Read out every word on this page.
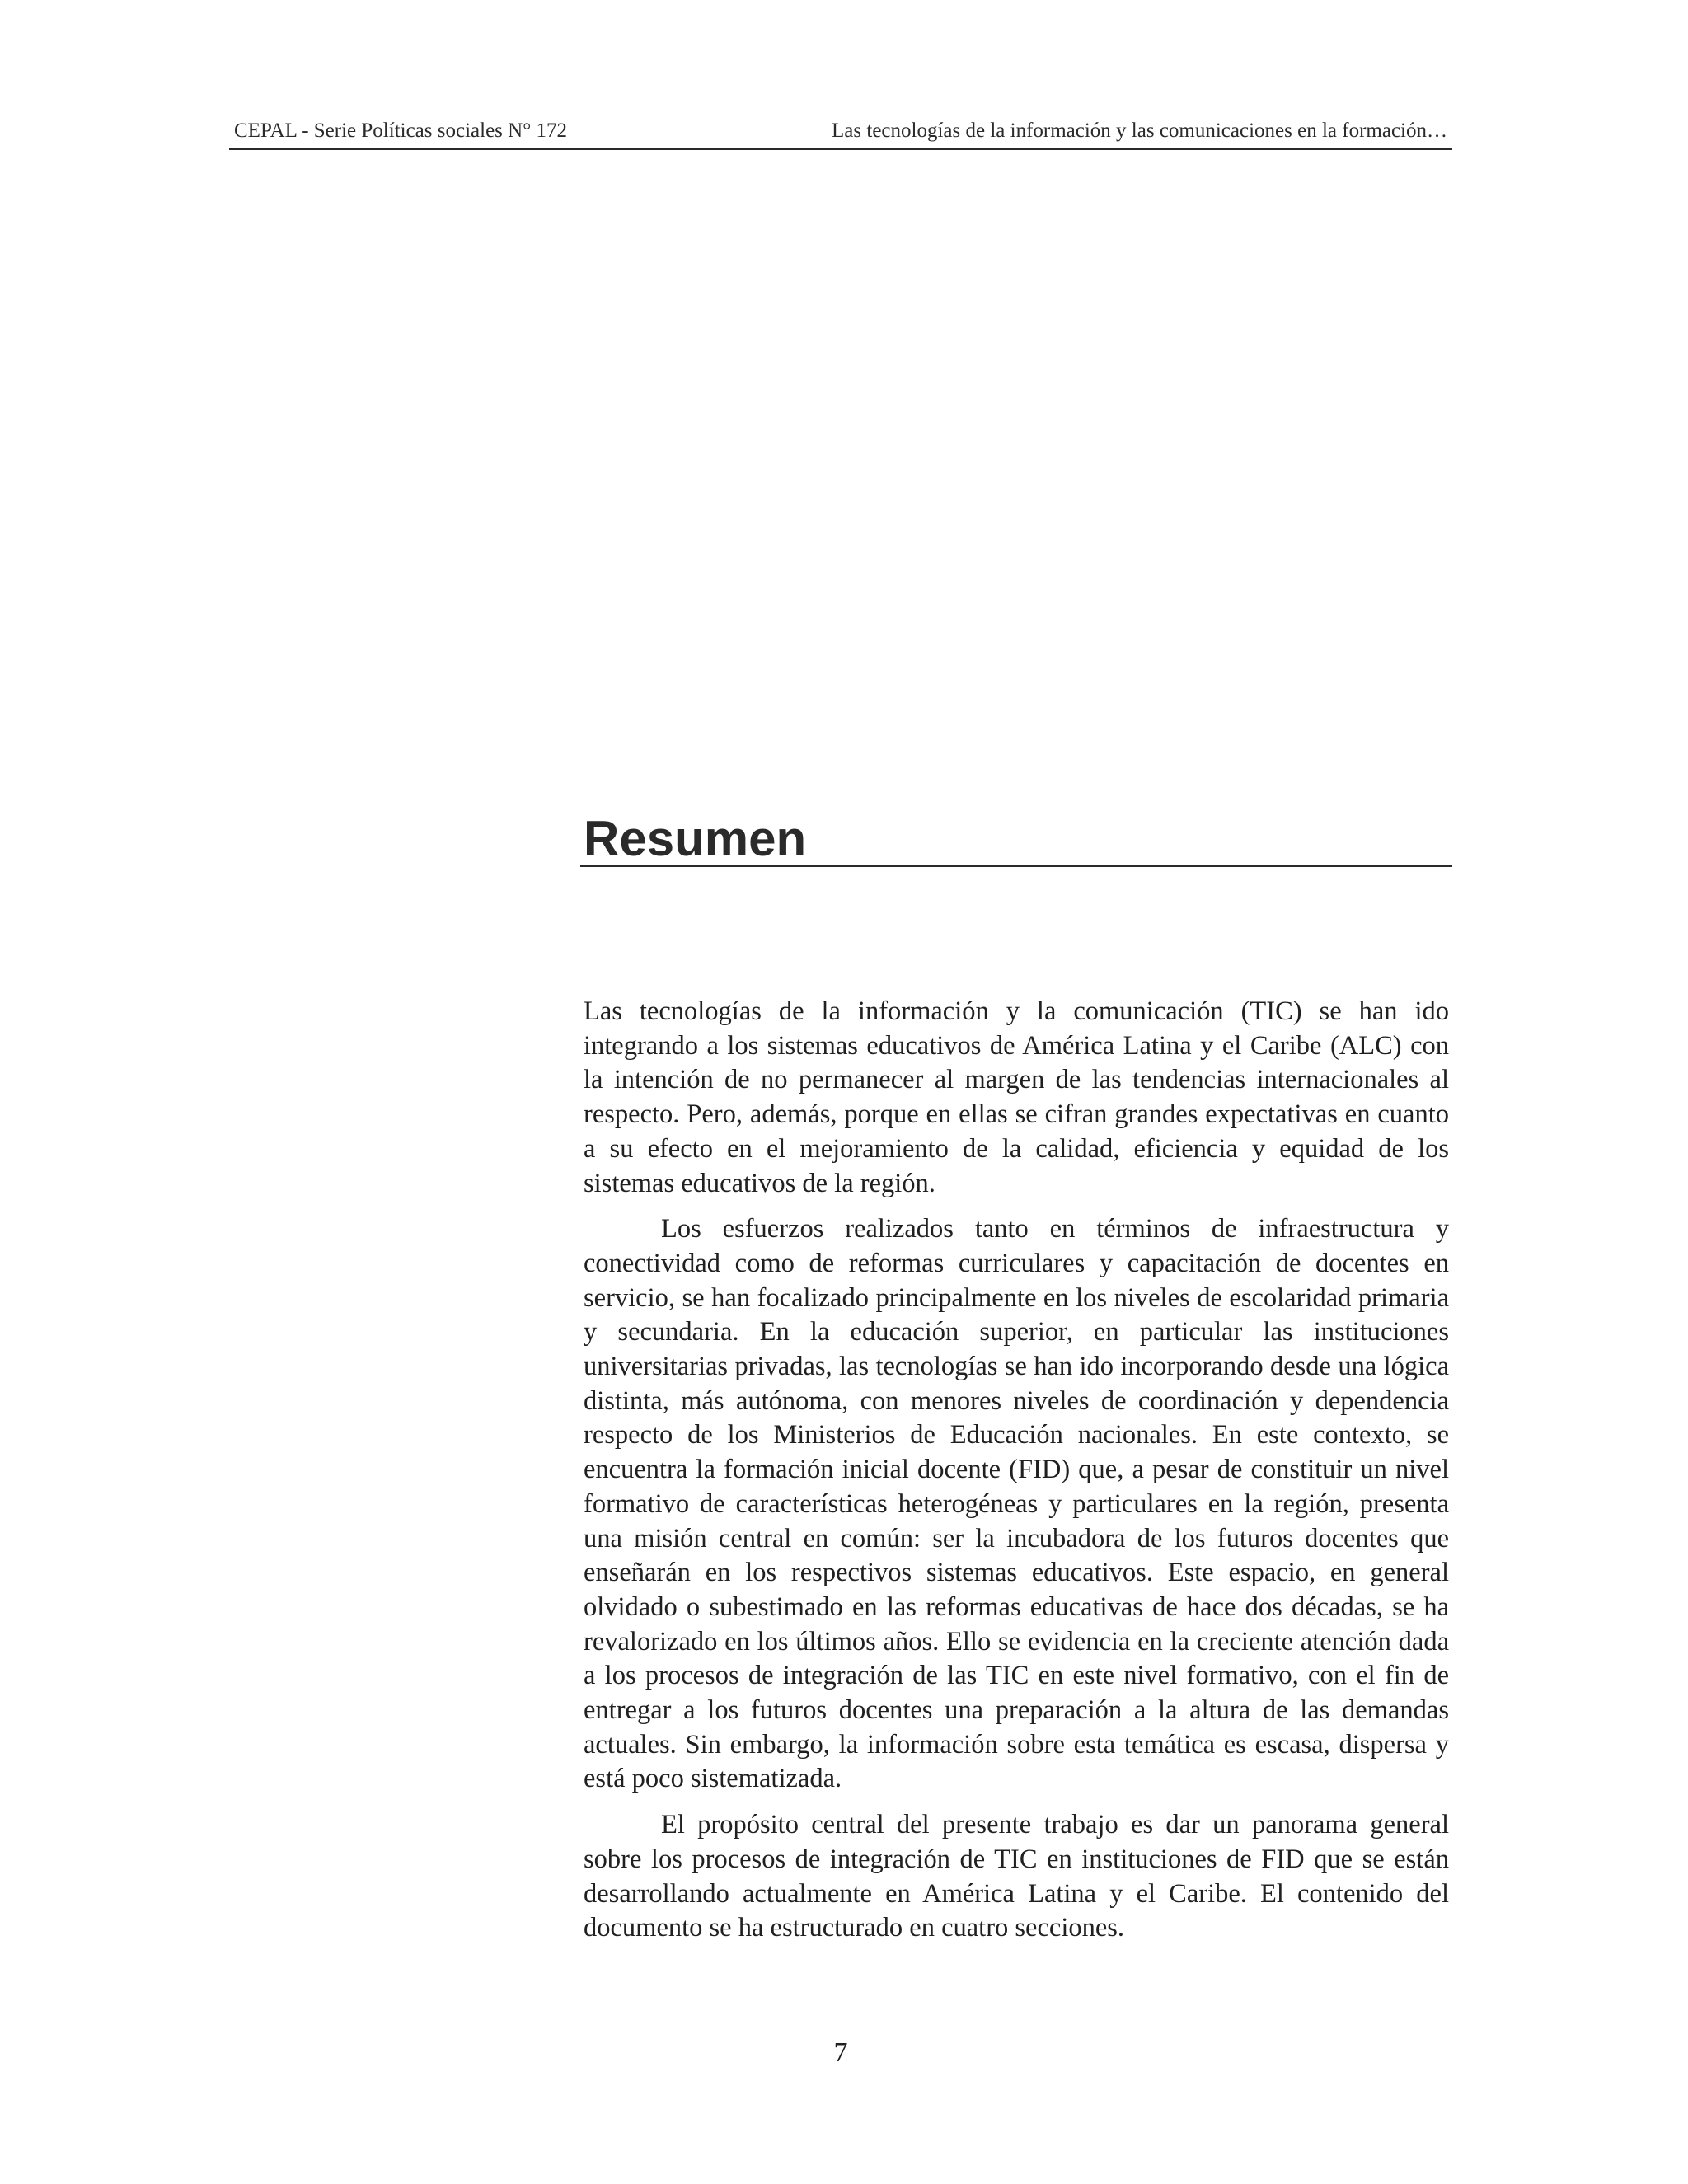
CEPAL - Serie Políticas sociales N° 172	Las tecnologías de la información y las comunicaciones en la formación…
Resumen

Las tecnologías de la información y la comunicación (TIC) se han ido integrando a los sistemas educativos de América Latina y el Caribe (ALC) con la intención de no permanecer al margen de las tendencias internacionales al respecto. Pero, además, porque en ellas se cifran grandes expectativas en cuanto a su efecto en el mejoramiento de la calidad, eficiencia y equidad de los sistemas educativos de la región.

Los esfuerzos realizados tanto en términos de infraestructura y conectividad como de reformas curriculares y capacitación de docentes en servicio, se han focalizado principalmente en los niveles de escolaridad primaria y secundaria. En la educación superior, en particular las instituciones universitarias privadas, las tecnologías se han ido incorporando desde una lógica distinta, más autónoma, con menores niveles de coordinación y dependencia respecto de los Ministerios de Educación nacionales. En este contexto, se encuentra la formación inicial docente (FID) que, a pesar de constituir un nivel formativo de características heterogéneas y particulares en la región, presenta una misión central en común: ser la incubadora de los futuros docentes que enseñarán en los respectivos sistemas educativos. Este espacio, en general olvidado o subestimado en las reformas educativas de hace dos décadas, se ha revalorizado en los últimos años. Ello se evidencia en la creciente atención dada a los procesos de integración de las TIC en este nivel formativo, con el fin de entregar a los futuros docentes una preparación a la altura de las demandas actuales. Sin embargo, la información sobre esta temática es escasa, dispersa y está poco sistematizada.

El propósito central del presente trabajo es dar un panorama general sobre los procesos de integración de TIC en instituciones de FID que se están desarrollando actualmente en América Latina y el Caribe. El contenido del documento se ha estructurado en cuatro secciones.

7
